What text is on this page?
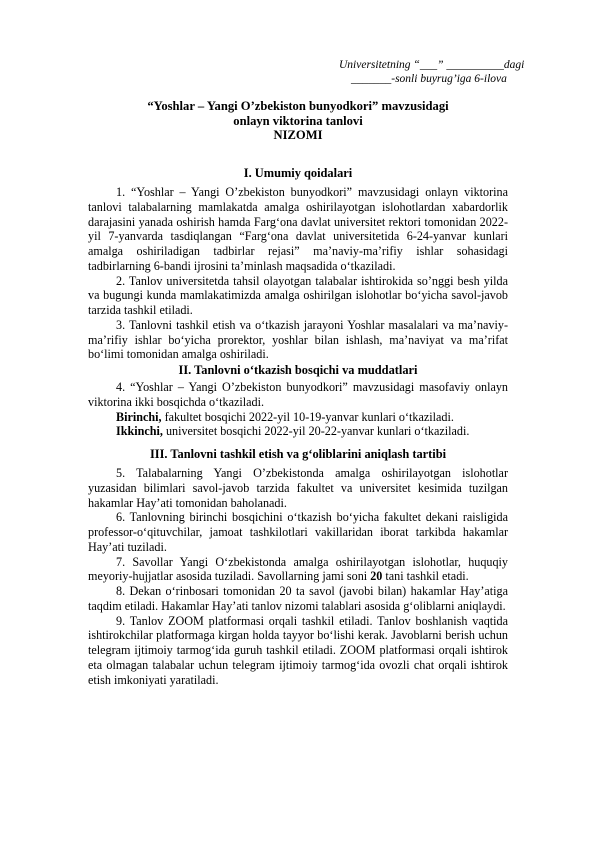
Universitetning “___” __________dagi
_______-sonli buyrug’iga 6-ilova
“Yoshlar – Yangi O’zbekiston bunyodkori” mavzusidagi
onlayn viktorina tanlovi
NIZOMI
I. Umumiy qoidalari

1. “Yoshlar – Yangi O’zbekiston bunyodkori” mavzusidagi onlayn viktorina tanlovi talabalarning mamlakatda amalga oshirilayotgan islohotlardan xabardorlik darajasini yanada oshirish hamda Farg‘ona davlat universitet rektori tomonidan 2022-yil 7-yanvarda tasdiqlangan “Farg‘ona davlat universitetida 6-24-yanvar kunlari amalga oshiriladigan tadbirlar rejasi” ma’naviy-ma’rifiy ishlar sohasidagi tadbirlarning 6-bandi ijrosini ta’minlash maqsadida o‘tkaziladi.

2. Tanlov universitetda tahsil olayotgan talabalar ishtirokida so’nggi besh yilda va bugungi kunda mamlakatimizda amalga oshirilgan islohotlar bo‘yicha savol-javob tarzida tashkil etiladi.

3. Tanlovni tashkil etish va o‘tkazish jarayoni Yoshlar masalalari va ma’naviy-ma’rifiy ishlar bo‘yicha prorektor, yoshlar bilan ishlash, ma’naviyat va ma’rifat bo‘limi tomonidan amalga oshiriladi.

II. Tanlovni o‘tkazish bosqichi va muddatlari

4. “Yoshlar – Yangi O’zbekiston bunyodkori” mavzusidagi masofaviy onlayn viktorina ikki bosqichda o‘tkaziladi.

Birinchi, fakultet bosqichi 2022-yil 10-19-yanvar kunlari o‘tkaziladi.

Ikkinchi, universitet bosqichi 2022-yil 20-22-yanvar kunlari o‘tkaziladi.

III. Tanlovni tashkil etish va g‘oliblarini aniqlash tartibi

5. Talabalarning Yangi O’zbekistonda amalga oshirilayotgan islohotlar yuzasidan bilimlari savol-javob tarzida fakultet va universitet kesimida tuzilgan hakamlar Hay’ati tomonidan baholanadi.

6. Tanlovning birinchi bosqichini o‘tkazish bo‘yicha fakultet dekani raisligida professor-o‘qituvchilar, jamoat tashkilotlari vakillaridan iborat tarkibda hakamlar Hay’ati tuziladi.

7. Savollar Yangi O‘zbekistonda amalga oshirilayotgan islohotlar, huquqiy meyoriy-hujjatlar asosida tuziladi. Savollarning jami soni 20 tani tashkil etadi.

8. Dekan o‘rinbosari tomonidan 20 ta savol (javobi bilan) hakamlar Hay’atiga taqdim etiladi. Hakamlar Hay’ati tanlov nizomi talablari asosida g‘oliblarni aniqlaydi.

9. Tanlov ZOOM platformasi orqali tashkil etiladi. Tanlov boshlanish vaqtida ishtirokchilar platformaga kirgan holda tayyor bo‘lishi kerak. Javoblarni berish uchun telegram ijtimoiy tarmog‘ida guruh tashkil etiladi. ZOOM platformasi orqali ishtirok eta olmagan talabalar uchun telegram ijtimoiy tarmog‘ida ovozli chat orqali ishtirok etish imkoniyati yaratiladi.
